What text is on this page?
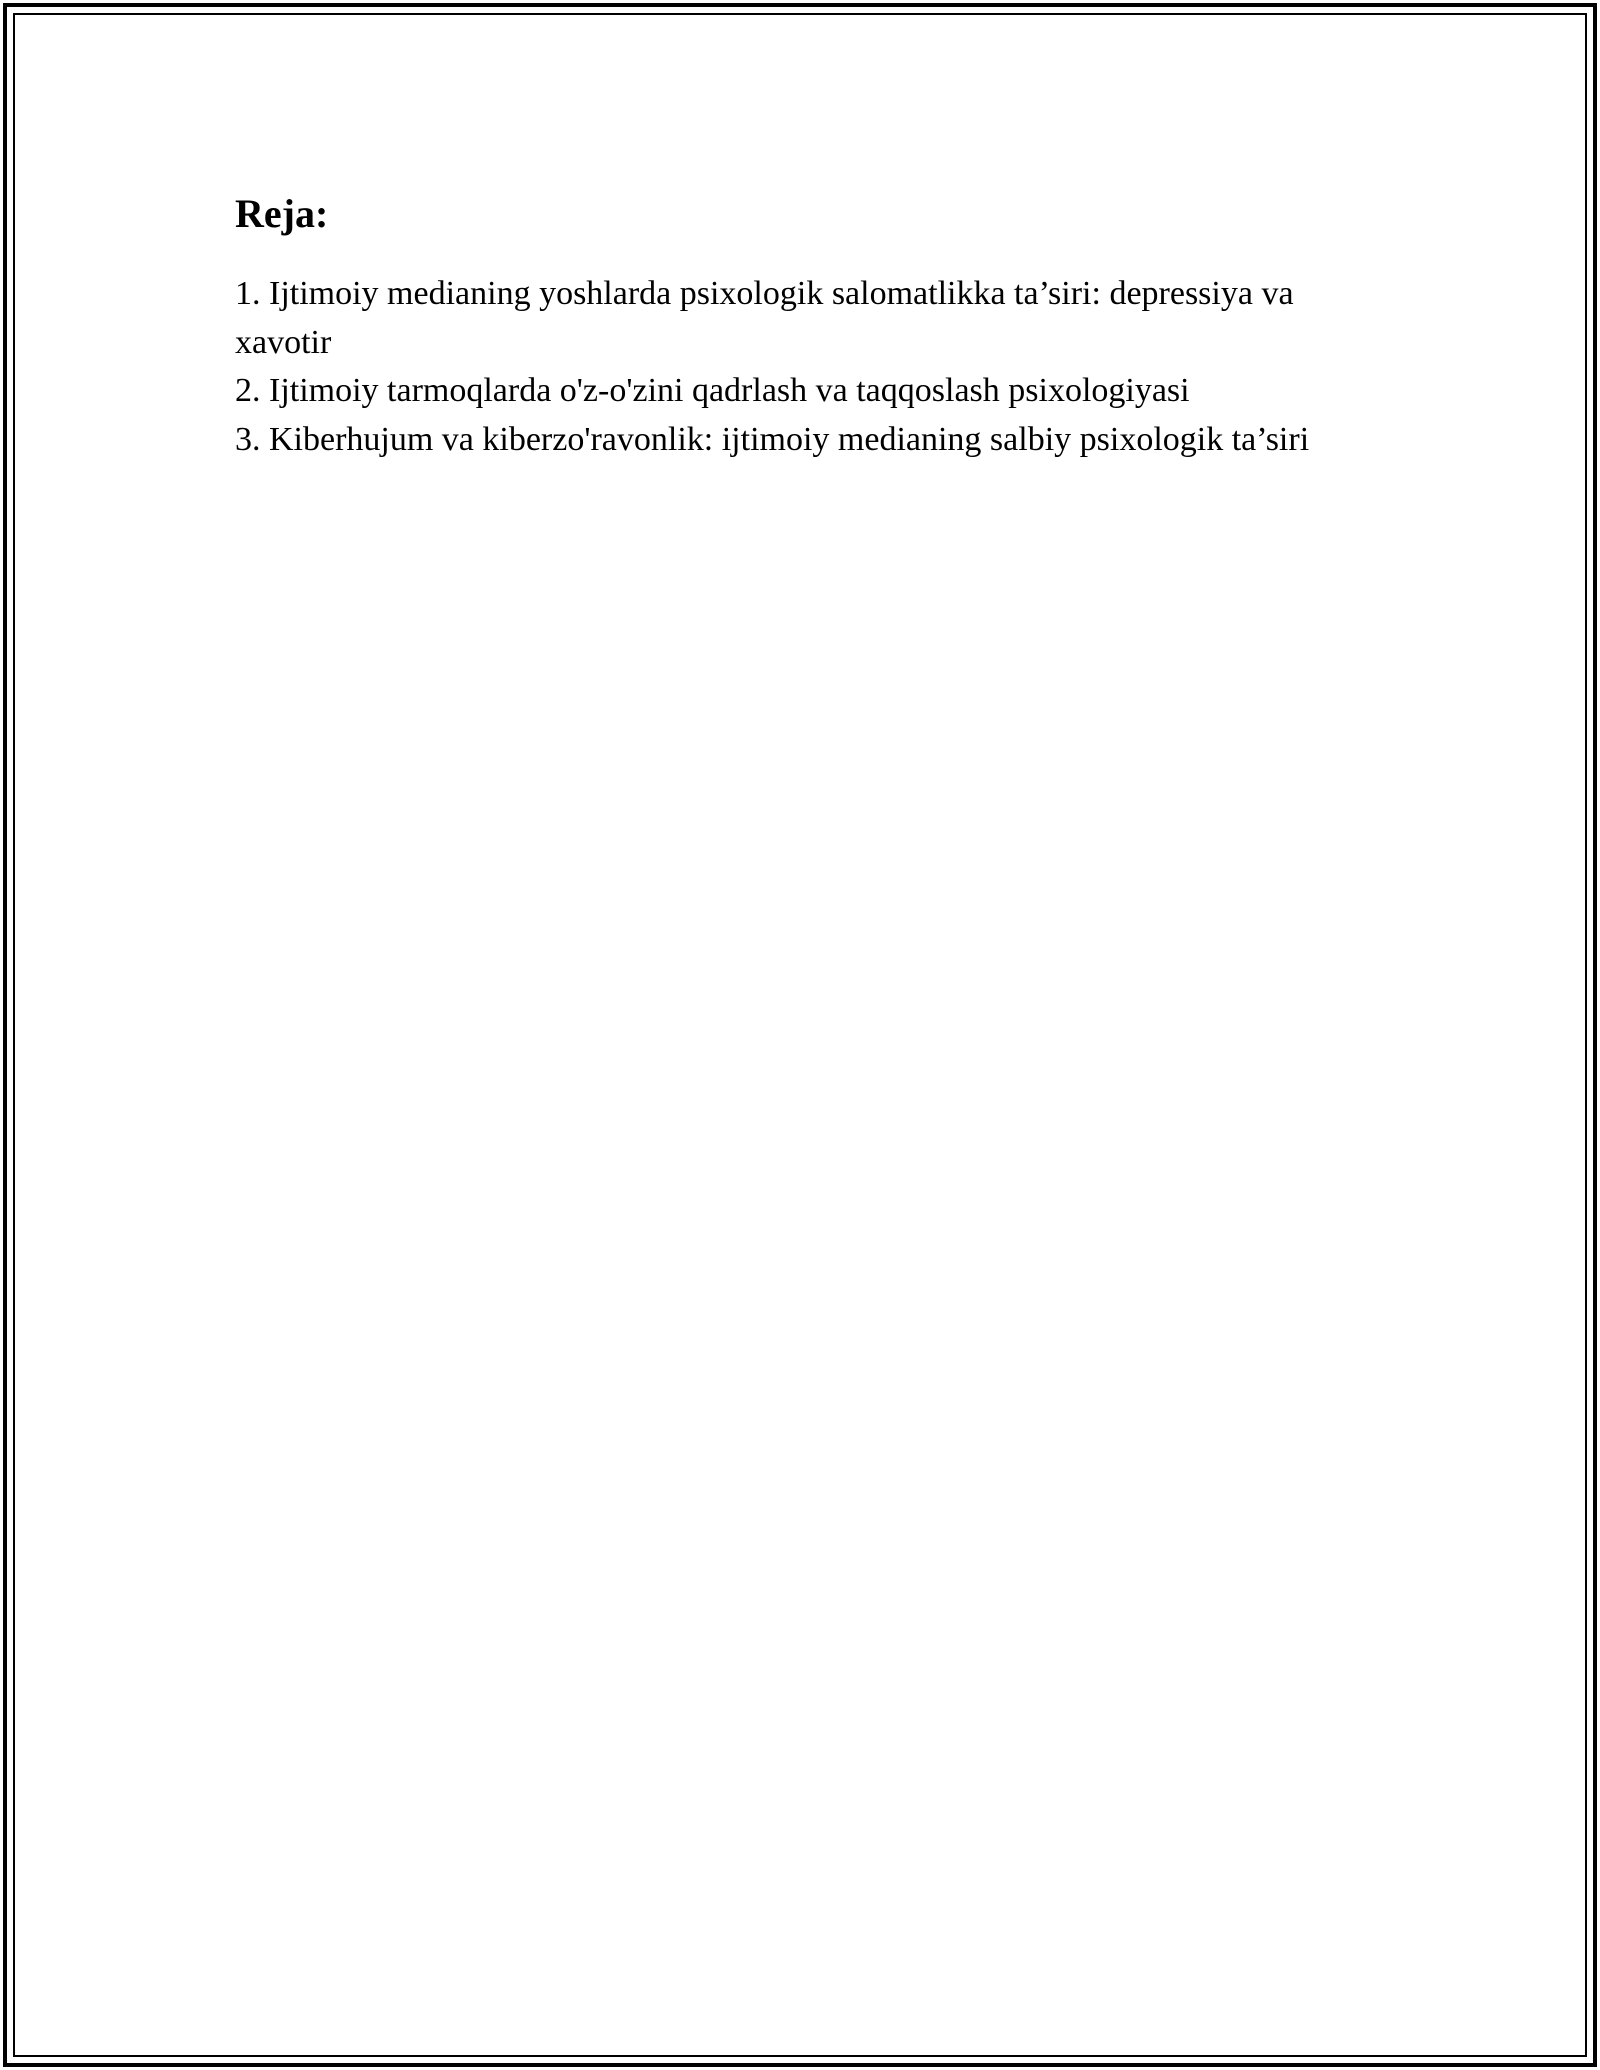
Reja:
1. Ijtimoiy medianing yoshlarda psixologik salomatlikka ta’siri: depressiya va xavotir
2. Ijtimoiy tarmoqlarda o'z-o'zini qadrlash va taqqoslash psixologiyasi
3. Kiberhujum va kiberzo'ravonlik: ijtimoiy medianing salbiy psixologik ta’siri
